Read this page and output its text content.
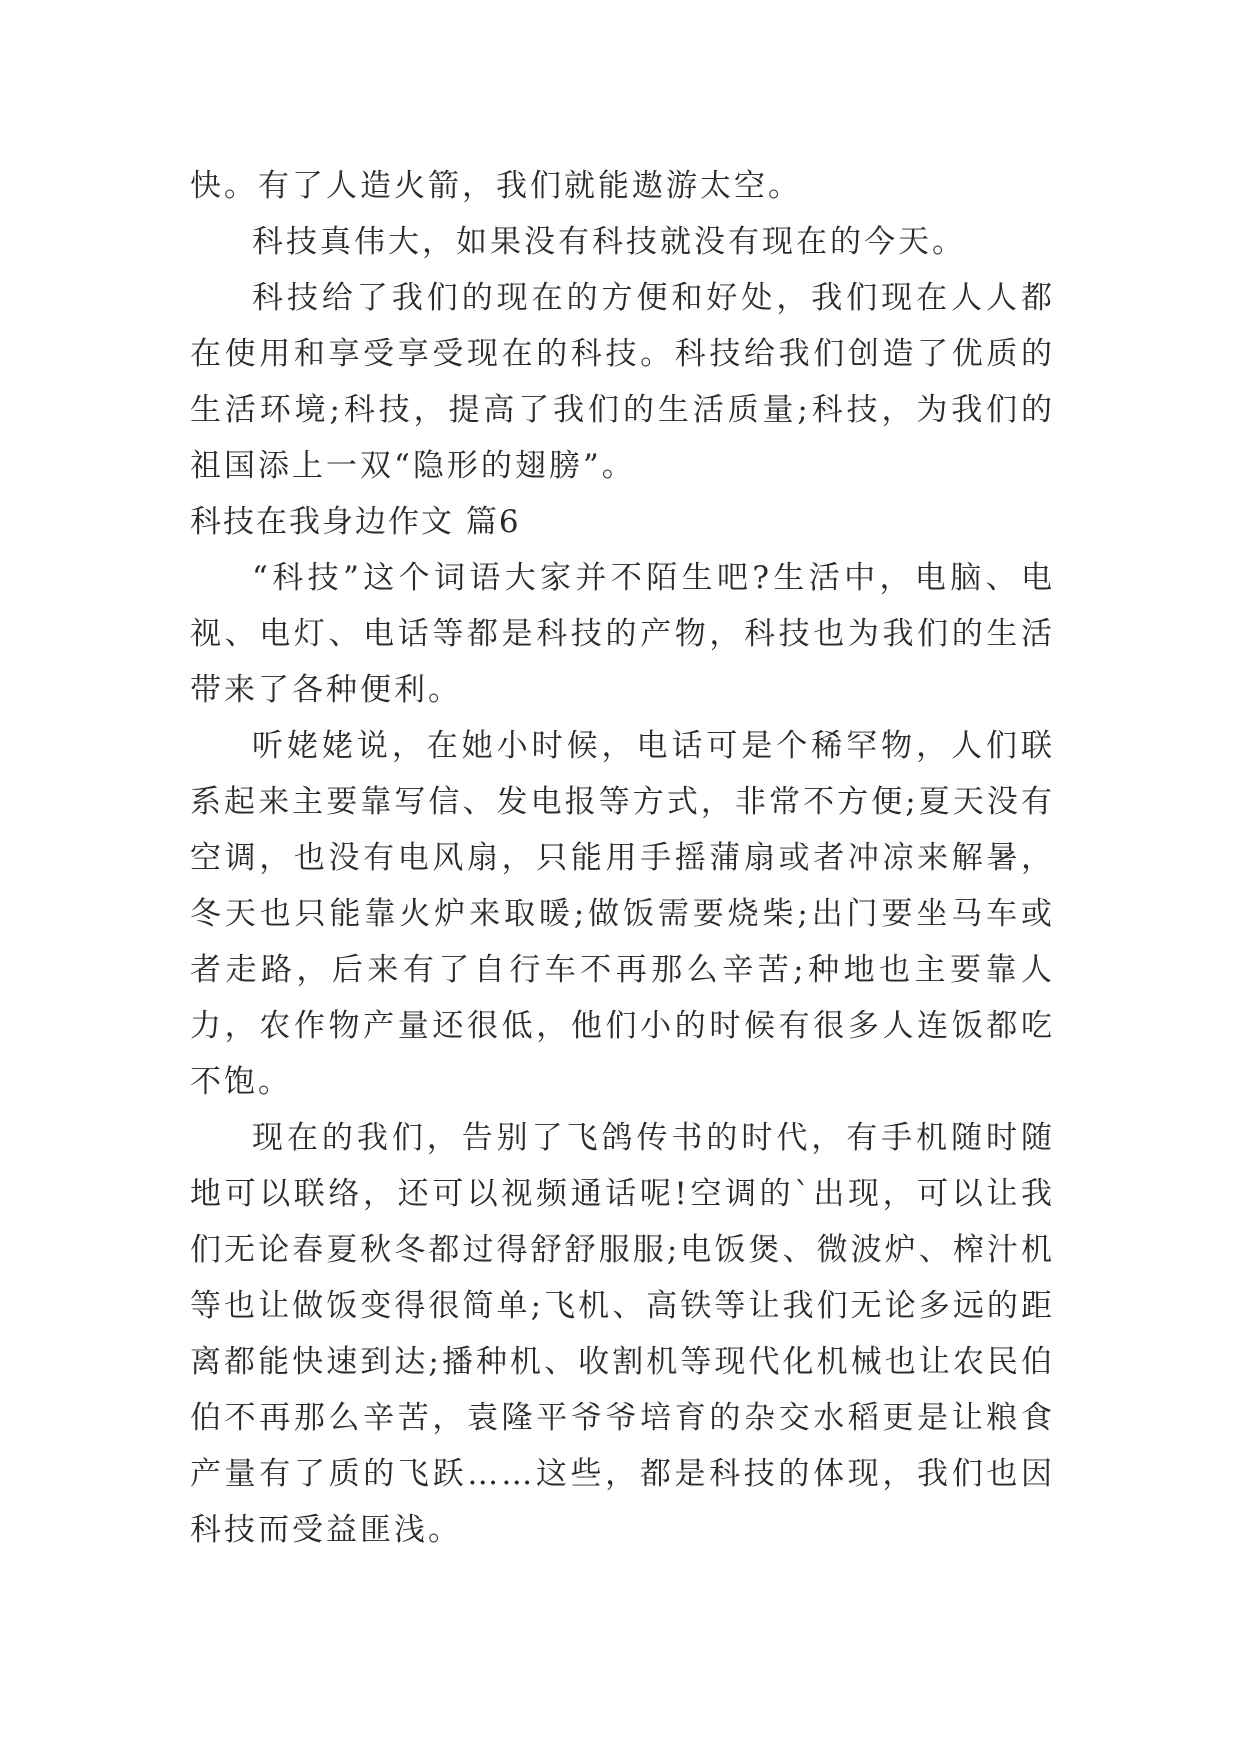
快。有了人造火箭，我们就能遨游太空。

科技真伟大，如果没有科技就没有现在的今天。

科技给了我们的现在的方便和好处，我们现在人人都在使用和享受享受现在的科技。科技给我们创造了优质的生活环境;科技，提高了我们的生活质量;科技，为我们的祖国添上一双“隐形的翅膀”。

科技在我身边作文 篇6

“科技”这个词语大家并不陌生吧?生活中，电脑、电视、电灯、电话等都是科技的产物，科技也为我们的生活带来了各种便利。

听姥姥说，在她小时候，电话可是个稀罕物，人们联系起来主要靠写信、发电报等方式，非常不方便;夏天没有空调，也没有电风扇，只能用手摇蒲扇或者冲凉来解暑，冬天也只能靠火炉来取暖;做饭需要烧柴;出门要坐马车或者走路，后来有了自行车不再那么辛苦;种地也主要靠人力，农作物产量还很低，他们小的时候有很多人连饭都吃不饱。

现在的我们，告别了飞鸽传书的时代，有手机随时随地可以联络，还可以视频通话呢!空调的`出现，可以让我们无论春夏秋冬都过得舒舒服服;电饭煲、微波炉、榨汁机等也让做饭变得很简单;飞机、高铁等让我们无论多远的距离都能快速到达;播种机、收割机等现代化机械也让农民伯伯不再那么辛苦，袁隆平爷爷培育的杂交水稻更是让粮食产量有了质的飞跃……这些，都是科技的体现，我们也因科技而受益匪浅。
